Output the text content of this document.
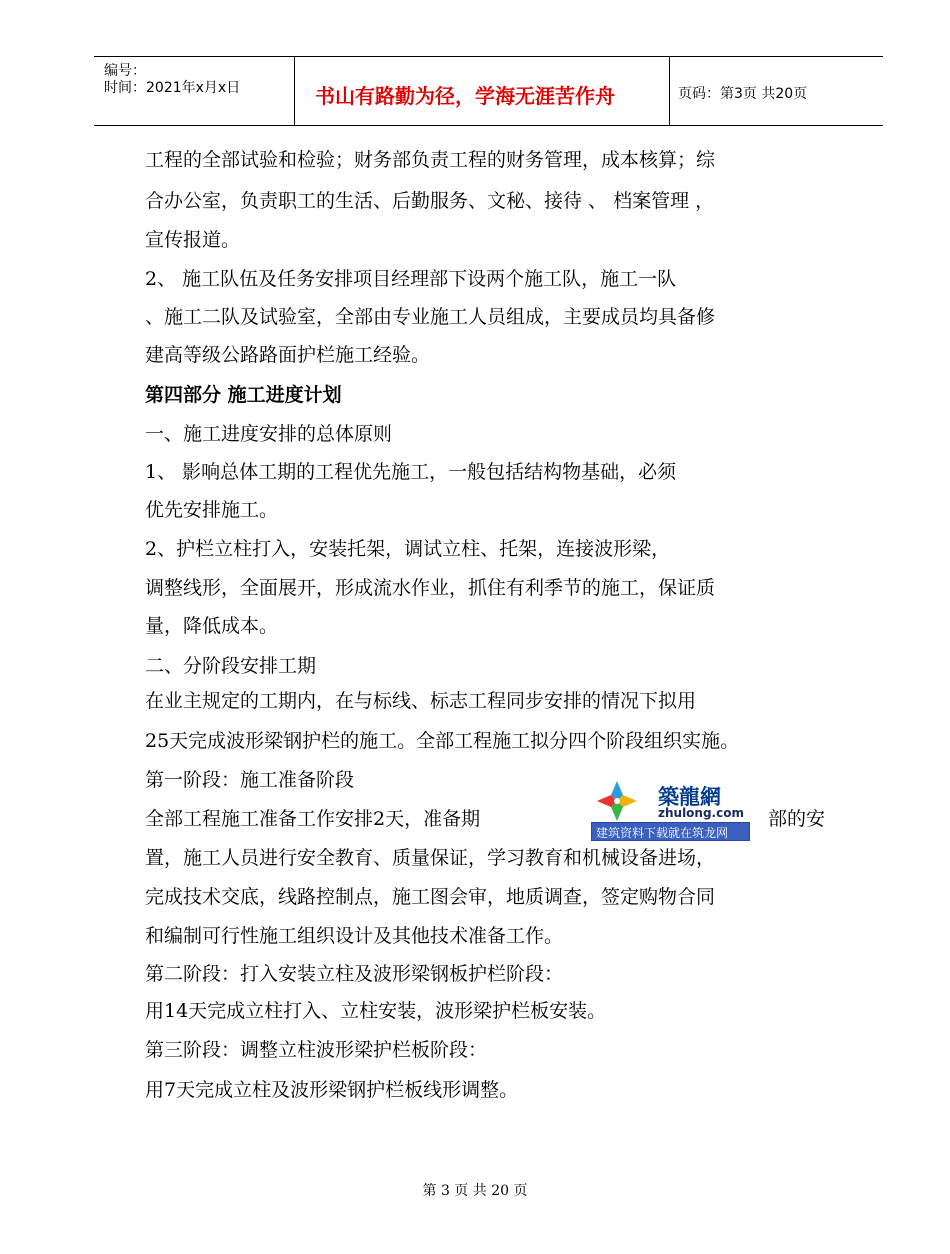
编号：
时间：2021年x月x日	书山有路勤为径，学海无涯苦作舟	页码：第3页 共20页
工程的全部试验和检验；财务部负责工程的财务管理，成本核算；综
合办公室，负责职工的生活、后勤服务、文秘、接待 、 档案管理 ，
宣传报道。
2、 施工队伍及任务安排项目经理部下设两个施工队，施工一队
、施工二队及试验室，全部由专业施工人员组成，主要成员均具备修
建高等级公路路面护栏施工经验。
第四部分 施工进度计划
一、施工进度安排的总体原则
1、 影响总体工期的工程优先施工，一般包括结构物基础，必须
优先安排施工。
2、护栏立柱打入，安装托架，调试立柱、托架，连接波形梁，
调整线形，全面展开，形成流水作业，抓住有利季节的施工，保证质
量，降低成本。
二、分阶段安排工期
在业主规定的工期内，在与标线、标志工程同步安排的情况下拟用
25天完成波形梁钢护栏的施工。全部工程施工拟分四个阶段组织实施。
第一阶段：施工准备阶段
全部工程施工准备工作安排2天，准备期	部的安
置，施工人员进行安全教育、质量保证，学习教育和机械设备进场，
完成技术交底，线路控制点，施工图会审，地质调查，签定购物合同
和编制可行性施工组织设计及其他技术准备工作。
第二阶段：打入安装立柱及波形梁钢板护栏阶段：
用14天完成立柱打入、立柱安装，波形梁护栏板安装。
第三阶段：调整立柱波形梁护栏板阶段：
用7天完成立柱及波形梁钢护栏板线形调整。
築龍網
zhulong.com
建筑资料下载就在筑龙网
第 3 页 共 20 页
